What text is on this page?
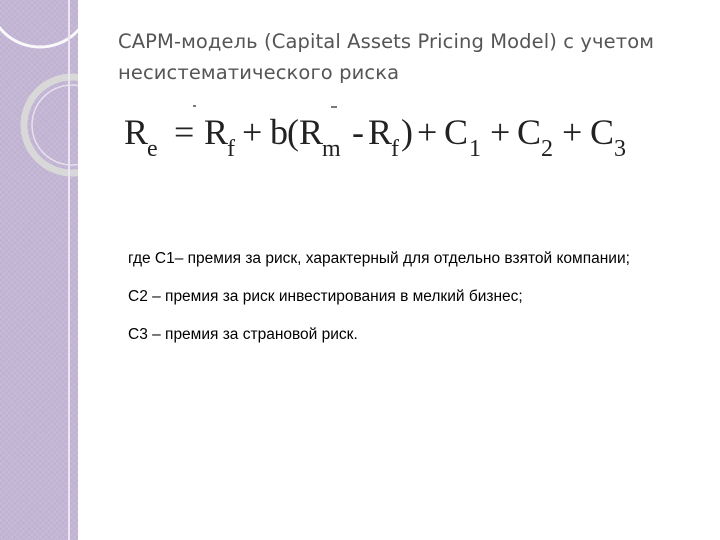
CAPM-модель (Capital Assets Pricing Model) с учетом
несистематического риска
R
e = R
f + b ( R
m - R
f ) + C 1 + C 2 + C 3

где С1– премия за риск, характерный для отдельно взятой компании;

С2 – премия за риск инвестирования в мелкий бизнес;

С3 – премия за страновой риск.
